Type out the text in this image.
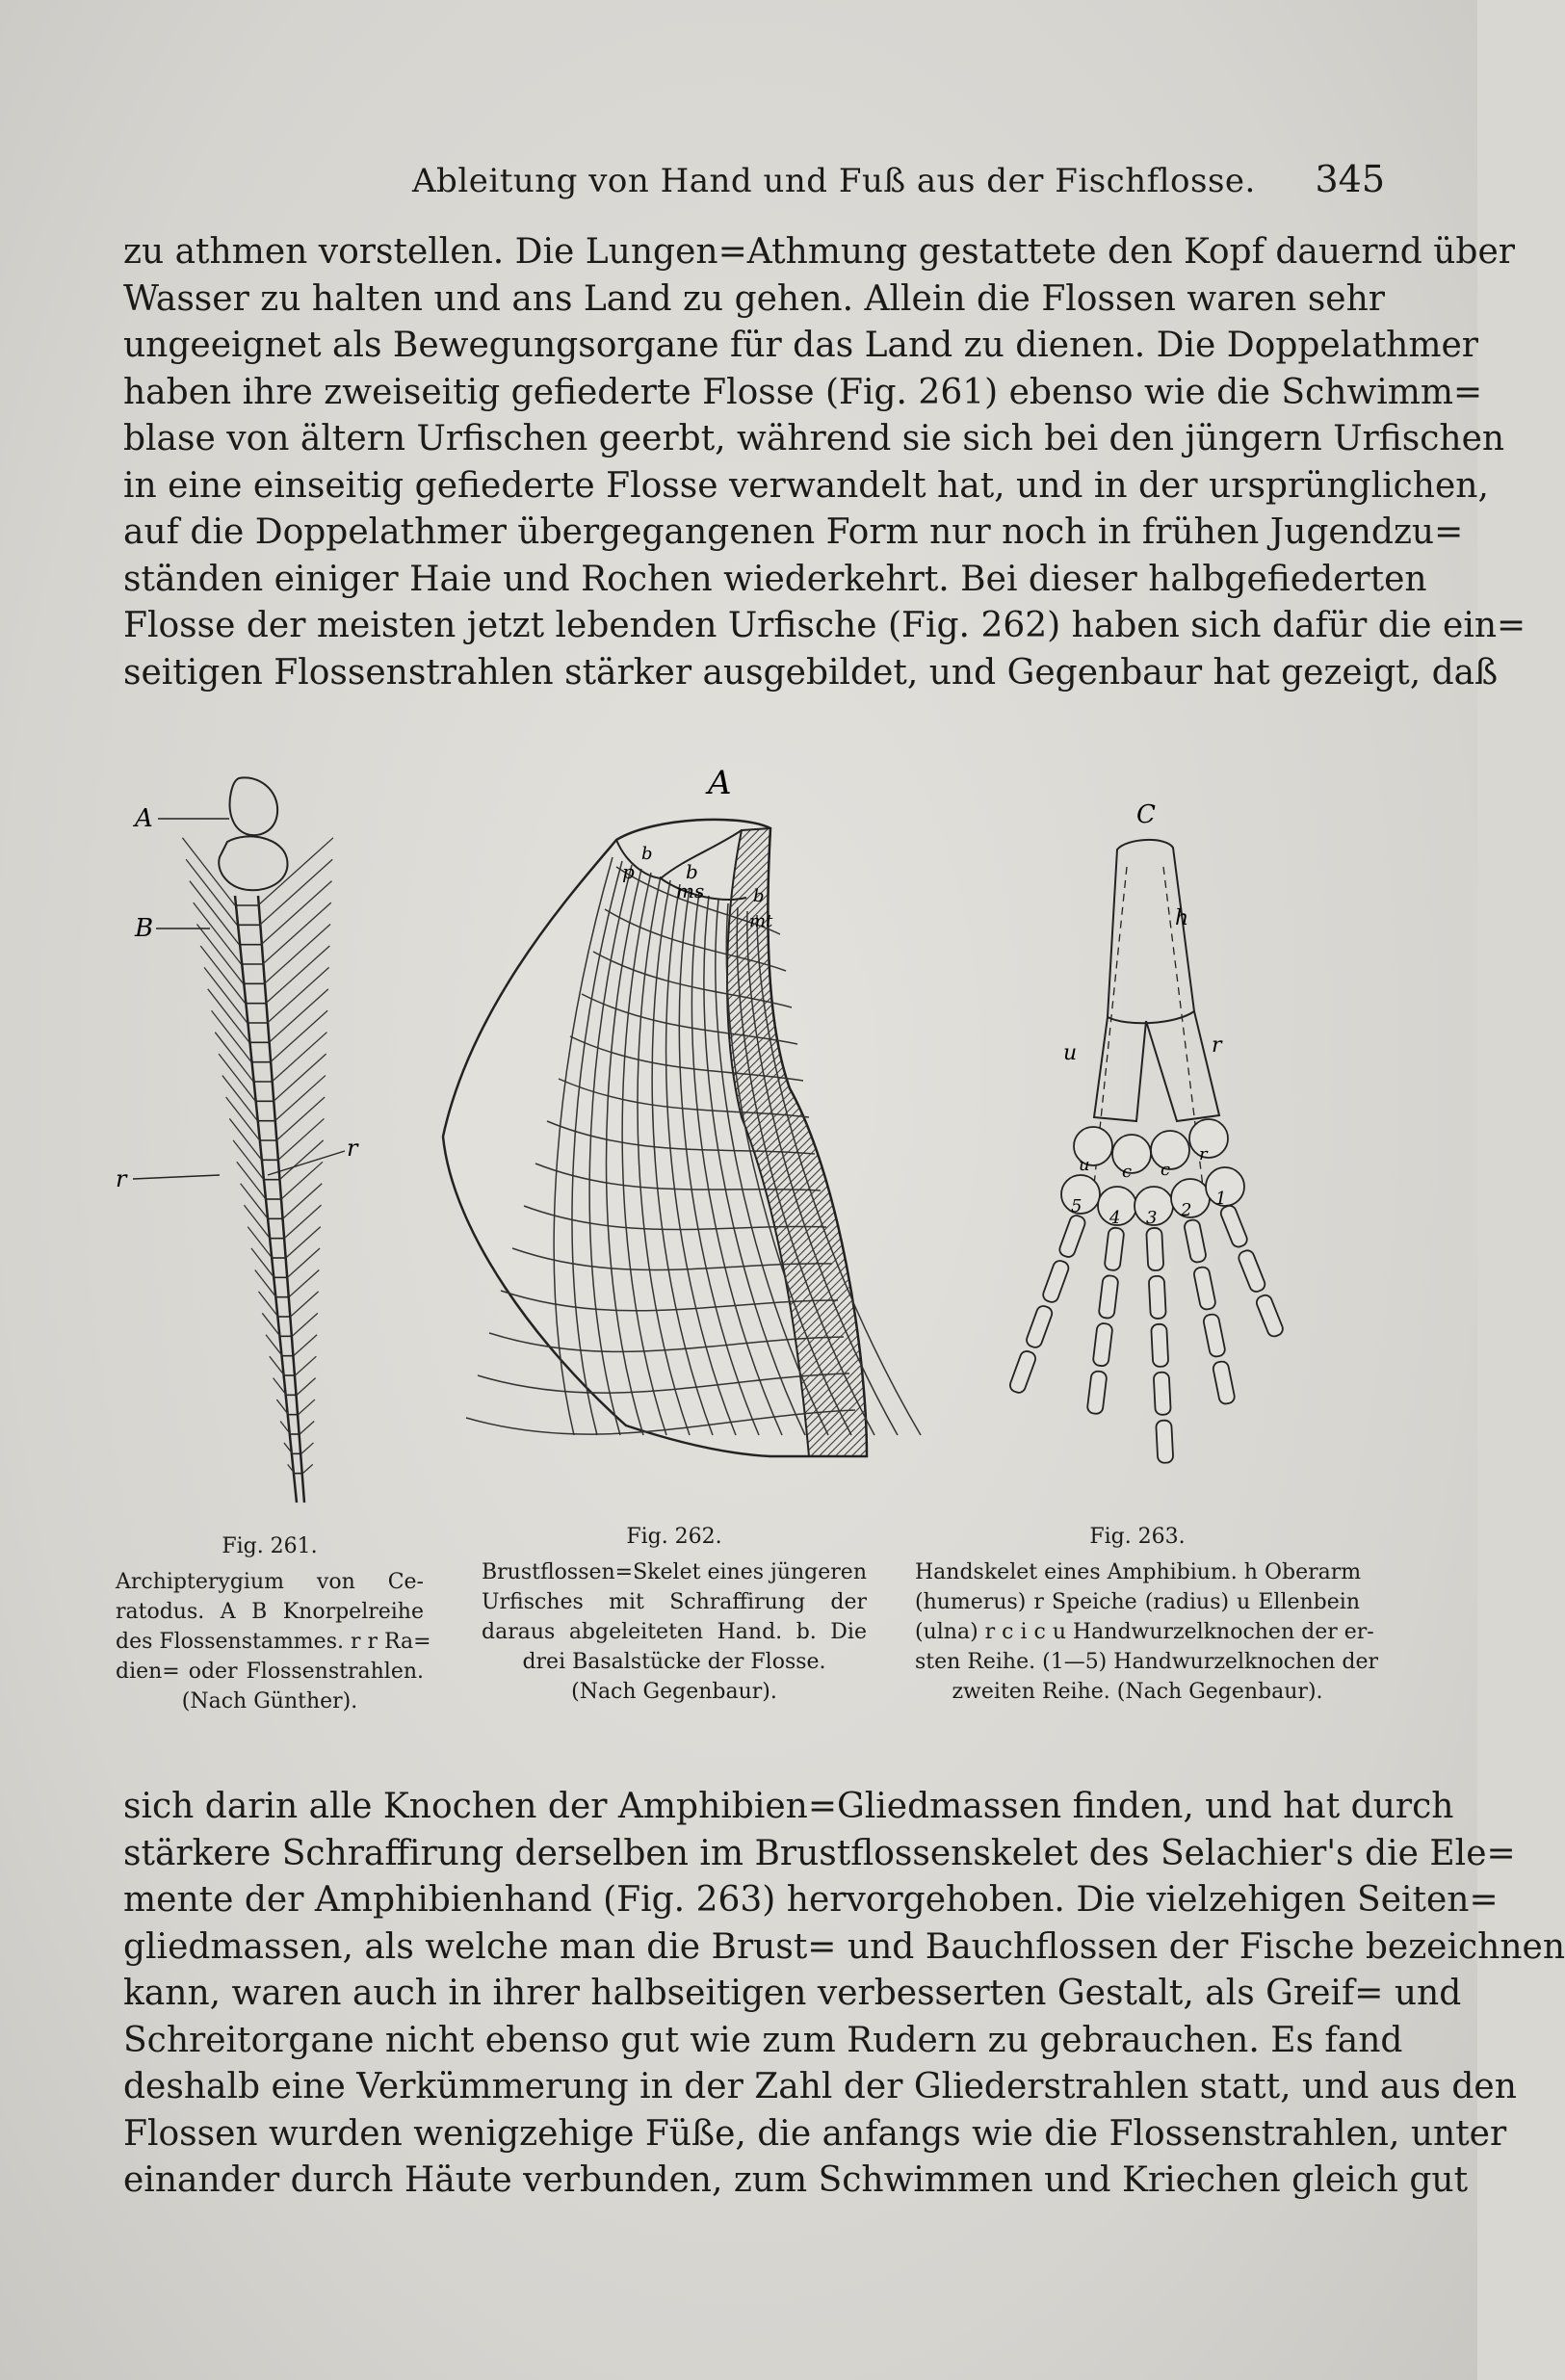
Ableitung von Hand und Fuß aus der Fischflosse. 345
zu athmen vorstellen. Die Lungen=Athmung gestattete den Kopf dauernd über
Wasser zu halten und ans Land zu gehen. Allein die Flossen waren sehr
ungeeignet als Bewegungsorgane für das Land zu dienen. Die Doppelathmer
haben ihre zweiseitig gefiederte Flosse (Fig. 261) ebenso wie die Schwimm=
blase von ältern Urfischen geerbt, während sie sich bei den jüngern Urfischen
in eine einseitig gefiederte Flosse verwandelt hat, und in der ursprünglichen,
auf die Doppelathmer übergegangenen Form nur noch in frühen Jugendzu=
ständen einiger Haie und Rochen wiederkehrt. Bei dieser halbgefiederten
Flosse der meisten jetzt lebenden Urfische (Fig. 262) haben sich dafür die ein=
seitigen Flossenstrahlen stärker ausgebildet, und Gegenbaur hat gezeigt, daß
A
B
r
r
A
p
b
b
ms	b
mt
C
h
u	r
u c c
r
5
4 3 2
1
Fig. 261.
Archipterygium von Ce-
ratodus. A B Knorpelreihe
des Flossenstammes. r r Ra=
dien= oder Flossenstrahlen.
(Nach Günther).
Fig. 262.
Brustflossen=Skelet eines jüngeren
Urfisches mit Schraffirung der
daraus abgeleiteten Hand. b. Die
drei Basalstücke der Flosse.
(Nach Gegenbaur).
Fig. 263.
Handskelet eines Amphibium. h Oberarm
(humerus) r Speiche (radius) u Ellenbein
(ulna) r c i c u Handwurzelknochen der er-
sten Reihe. (1—5) Handwurzelknochen der
zweiten Reihe. (Nach Gegenbaur).
sich darin alle Knochen der Amphibien=Gliedmassen finden, und hat durch
stärkere Schraffirung derselben im Brustflossenskelet des Selachier's die Ele=
mente der Amphibienhand (Fig. 263) hervorgehoben. Die vielzehigen Seiten=
gliedmassen, als welche man die Brust= und Bauchflossen der Fische bezeichnen
kann, waren auch in ihrer halbseitigen verbesserten Gestalt, als Greif= und
Schreitorgane nicht ebenso gut wie zum Rudern zu gebrauchen. Es fand
deshalb eine Verkümmerung in der Zahl der Gliederstrahlen statt, und aus den
Flossen wurden wenigzehige Füße, die anfangs wie die Flossenstrahlen, unter
einander durch Häute verbunden, zum Schwimmen und Kriechen gleich gut
